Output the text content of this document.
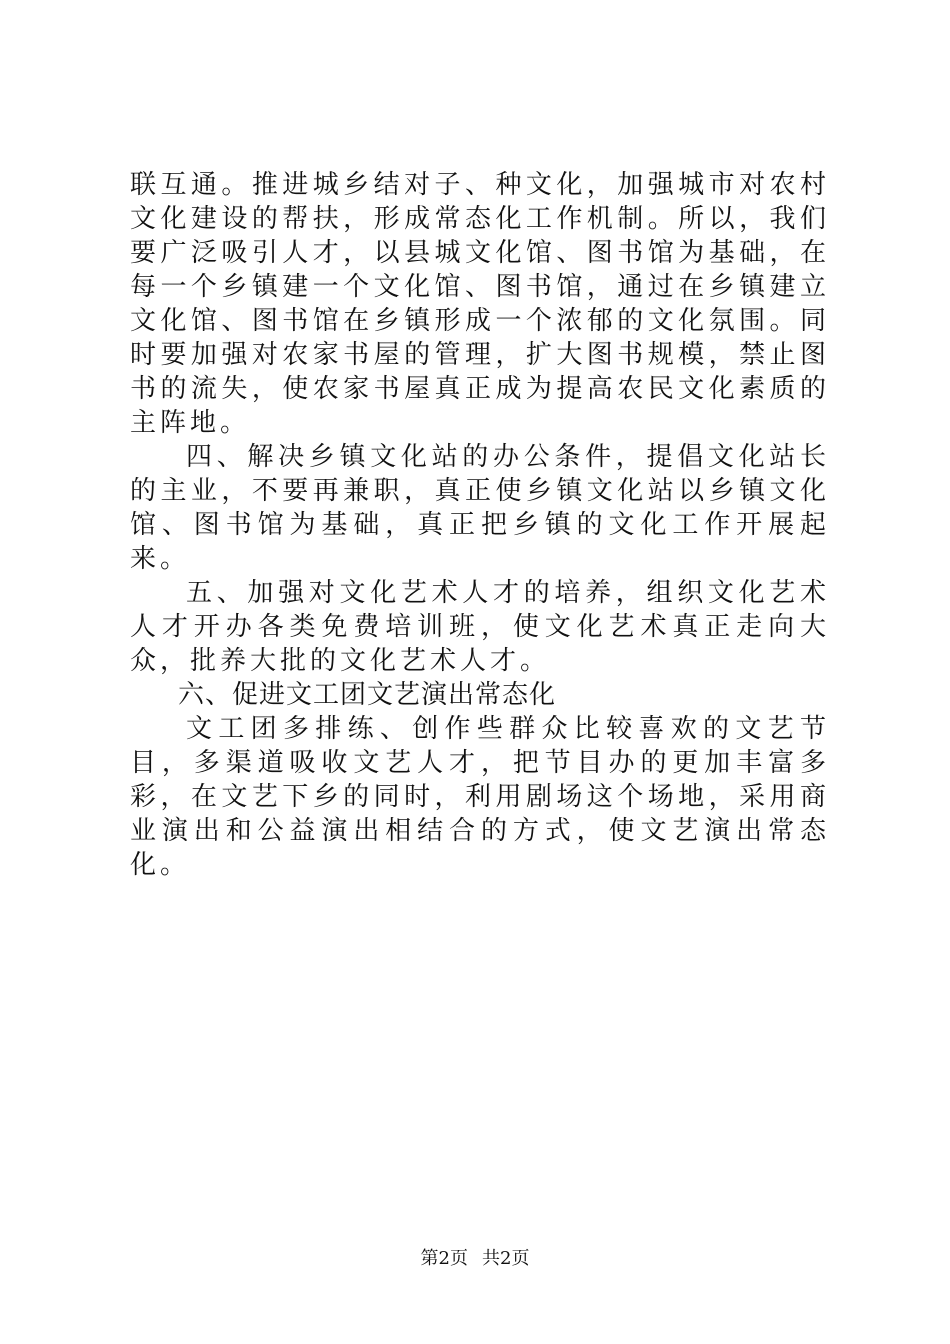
联互通。推进城乡结对子、种文化，加强城市对农村文化建设的帮扶，形成常态化工作机制。所以，我们要广泛吸引人才，以县城文化馆、图书馆为基础，在每一个乡镇建一个文化馆、图书馆，通过在乡镇建立文化馆、图书馆在乡镇形成一个浓郁的文化氛围。同时要加强对农家书屋的管理，扩大图书规模，禁止图书的流失，使农家书屋真正成为提高农民文化素质的主阵地。

四、解决乡镇文化站的办公条件，提倡文化站长的主业，不要再兼职，真正使乡镇文化站以乡镇文化馆、图书馆为基础，真正把乡镇的文化工作开展起来。

五、加强对文化艺术人才的培养，组织文化艺术人才开办各类免费培训班，使文化艺术真正走向大众，批养大批的文化艺术人才。

六、促进文工团文艺演出常态化

文工团多排练、创作些群众比较喜欢的文艺节目，多渠道吸收文艺人才，把节目办的更加丰富多彩，在文艺下乡的同时，利用剧场这个场地，采用商业演出和公益演出相结合的方式，使文艺演出常态化。

第2页 共2页
